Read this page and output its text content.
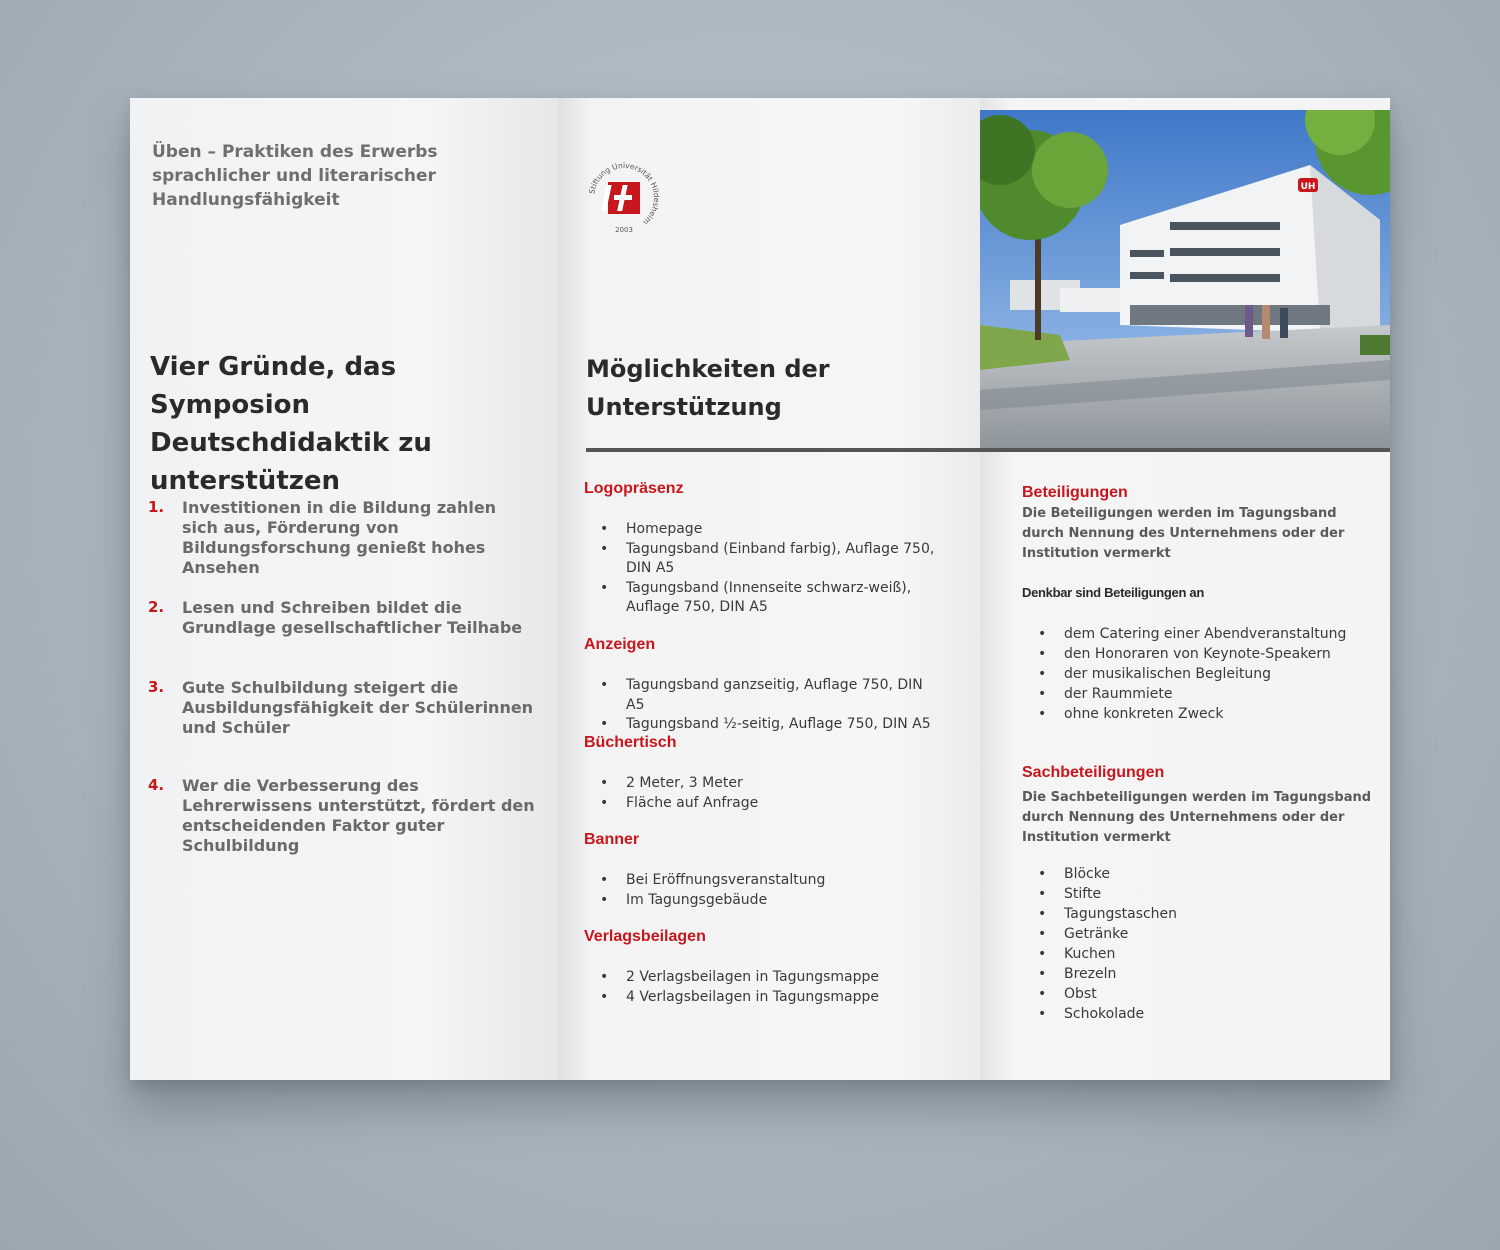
Üben – Praktiken des Erwerbs sprachlicher und literarischer Handlungsfähigkeit
Vier Gründe, das Symposion Deutschdidaktik zu unterstützen
1. Investitionen in die Bildung zahlen sich aus, Förderung von Bildungsforschung genießt hohes Ansehen
2. Lesen und Schreiben bildet die Grundlage gesellschaftlicher Teilhabe
3. Gute Schulbildung steigert die Ausbildungsfähigkeit der Schülerinnen und Schüler
4. Wer die Verbesserung des Lehrerwissens unterstützt, fördert den entscheidenden Faktor guter Schulbildung
Stiftung Universität Hildesheim
2003
Möglichkeiten der Unterstützung
Logopräsenz
• Homepage
• Tagungsband (Einband farbig), Auflage 750, DIN A5
• Tagungsband (Innenseite schwarz-weiß), Auflage 750, DIN A5
Anzeigen
• Tagungsband ganzseitig, Auflage 750, DIN A5
• Tagungsband ½-seitig, Auflage 750, DIN A5
Büchertisch
• 2 Meter, 3 Meter
• Fläche auf Anfrage
Banner
• Bei Eröffnungsveranstaltung
• Im Tagungsgebäude
Verlagsbeilagen
• 2 Verlagsbeilagen in Tagungsmappe
• 4 Verlagsbeilagen in Tagungsmappe
UH
Beteiligungen
Die Beteiligungen werden im Tagungsband durch Nennung des Unternehmens oder der Institution vermerkt
Denkbar sind Beteiligungen an
• dem Catering einer Abendveranstaltung
• den Honoraren von Keynote-Speakern
• der musikalischen Begleitung
• der Raummiete
• ohne konkreten Zweck
Sachbeteiligungen
Die Sachbeteiligungen werden im Tagungsband durch Nennung des Unternehmens oder der Institution vermerkt
• Blöcke
• Stifte
• Tagungstaschen
• Getränke
• Kuchen
• Brezeln
• Obst
• Schokolade
